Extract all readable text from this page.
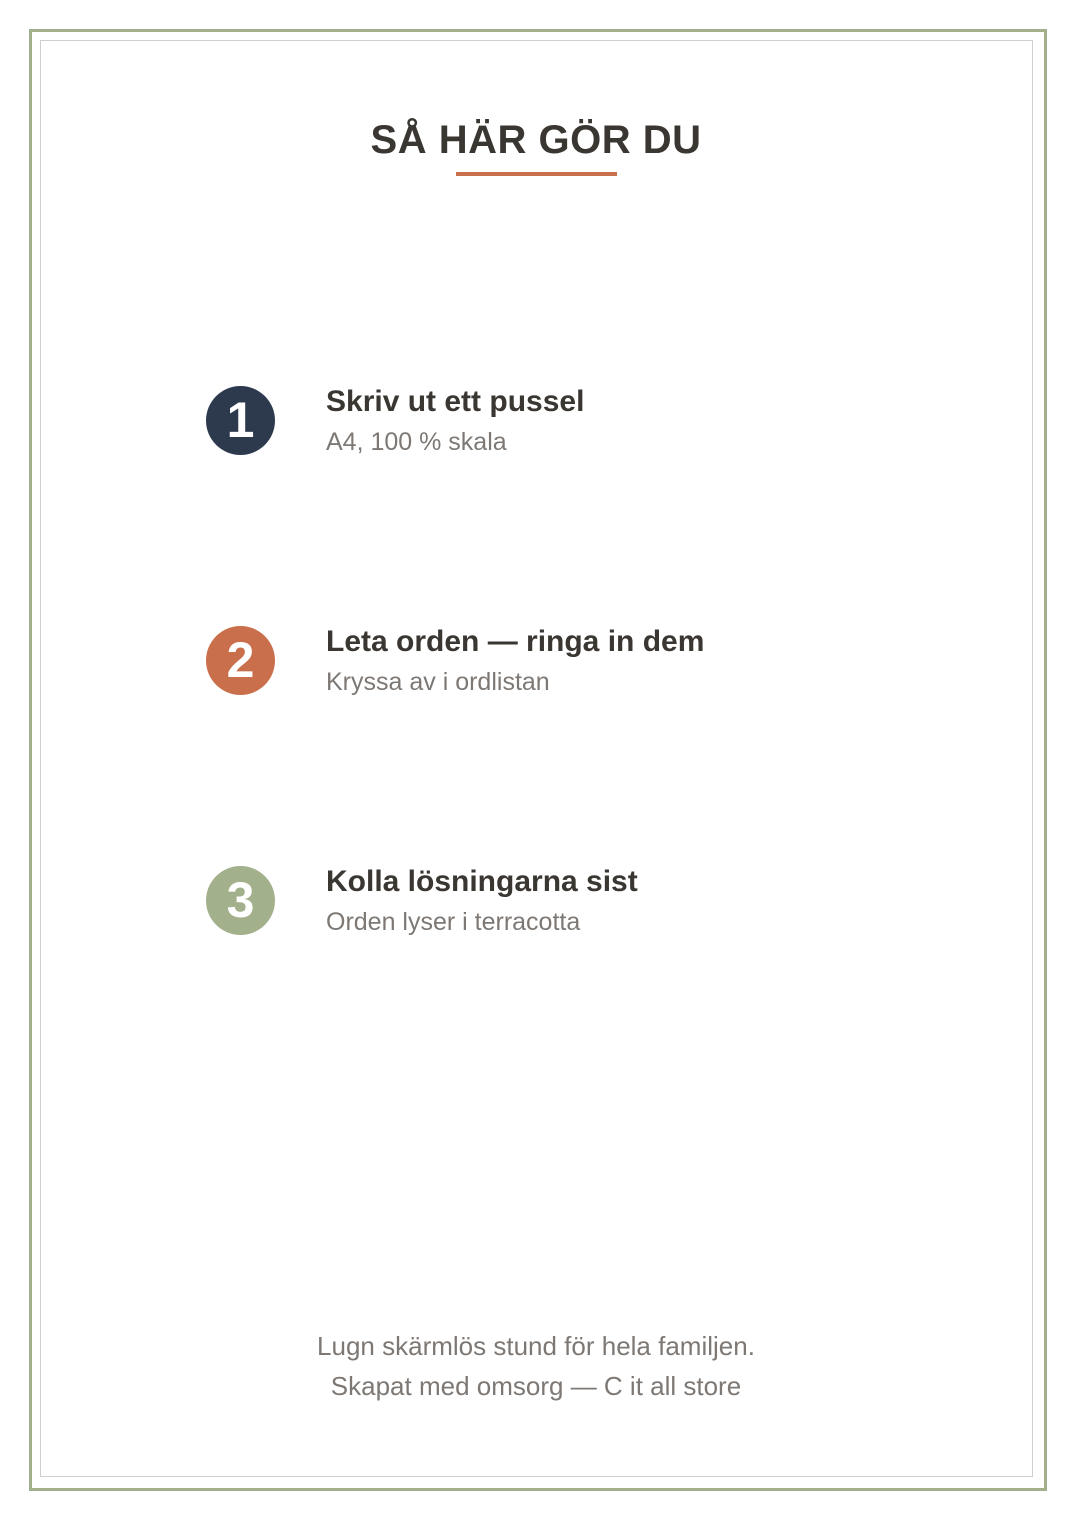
SÅ HÄR GÖR DU
1	Skriv ut ett pussel
A4, 100 % skala
2	Leta orden — ringa in dem
Kryssa av i ordlistan
3	Kolla lösningarna sist
Orden lyser i terracotta
Lugn skärmlös stund för hela familjen.
Skapat med omsorg — C it all store
